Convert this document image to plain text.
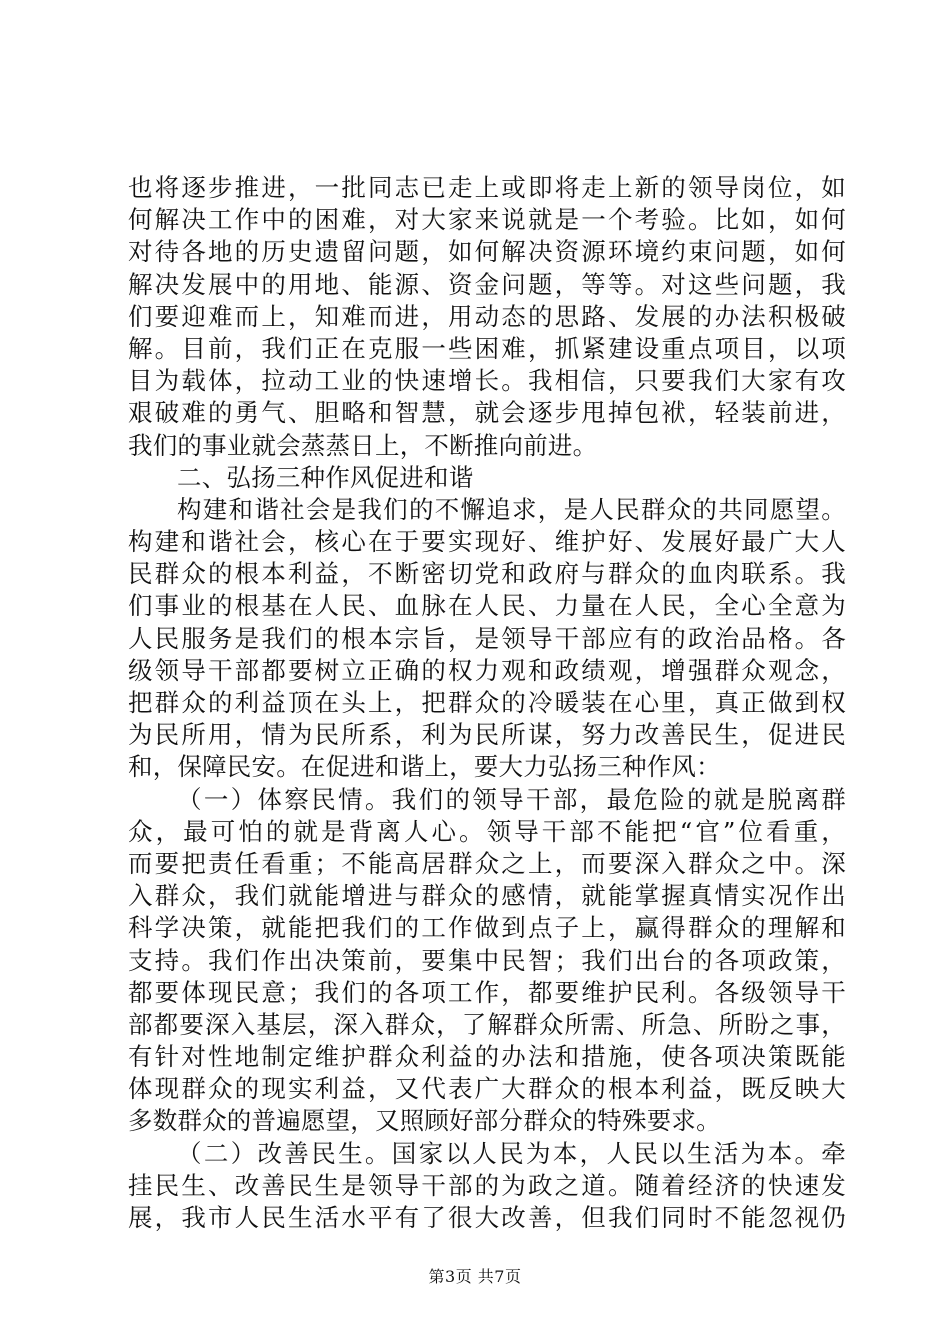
也将逐步推进，一批同志已走上或即将走上新的领导岗位，如
何解决工作中的困难，对大家来说就是一个考验。比如，如何
对待各地的历史遗留问题，如何解决资源环境约束问题，如何
解决发展中的用地、能源、资金问题，等等。对这些问题，我
们要迎难而上，知难而进，用动态的思路、发展的办法积极破
解。目前，我们正在克服一些困难，抓紧建设重点项目，以项
目为载体，拉动工业的快速增长。我相信，只要我们大家有攻
艰破难的勇气、胆略和智慧，就会逐步甩掉包袱，轻装前进，
我们的事业就会蒸蒸日上，不断推向前进。
二、弘扬三种作风促进和谐
构建和谐社会是我们的不懈追求，是人民群众的共同愿望。
构建和谐社会，核心在于要实现好、维护好、发展好最广大人
民群众的根本利益，不断密切党和政府与群众的血肉联系。我
们事业的根基在人民、血脉在人民、力量在人民，全心全意为
人民服务是我们的根本宗旨，是领导干部应有的政治品格。各
级领导干部都要树立正确的权力观和政绩观，增强群众观念，
把群众的利益顶在头上，把群众的冷暖装在心里，真正做到权
为民所用，情为民所系，利为民所谋，努力改善民生，促进民
和，保障民安。在促进和谐上，要大力弘扬三种作风：
（一）体察民情。我们的领导干部，最危险的就是脱离群
众，最可怕的就是背离人心。领导干部不能把“官”位看重，
而要把责任看重；不能高居群众之上，而要深入群众之中。深
入群众，我们就能增进与群众的感情，就能掌握真情实况作出
科学决策，就能把我们的工作做到点子上，赢得群众的理解和
支持。我们作出决策前，要集中民智；我们出台的各项政策，
都要体现民意；我们的各项工作，都要维护民利。各级领导干
部都要深入基层，深入群众，了解群众所需、所急、所盼之事，
有针对性地制定维护群众利益的办法和措施，使各项决策既能
体现群众的现实利益，又代表广大群众的根本利益，既反映大
多数群众的普遍愿望，又照顾好部分群众的特殊要求。
（二）改善民生。国家以人民为本，人民以生活为本。牵
挂民生、改善民生是领导干部的为政之道。随着经济的快速发
展，我市人民生活水平有了很大改善，但我们同时不能忽视仍
第3页 共7页
